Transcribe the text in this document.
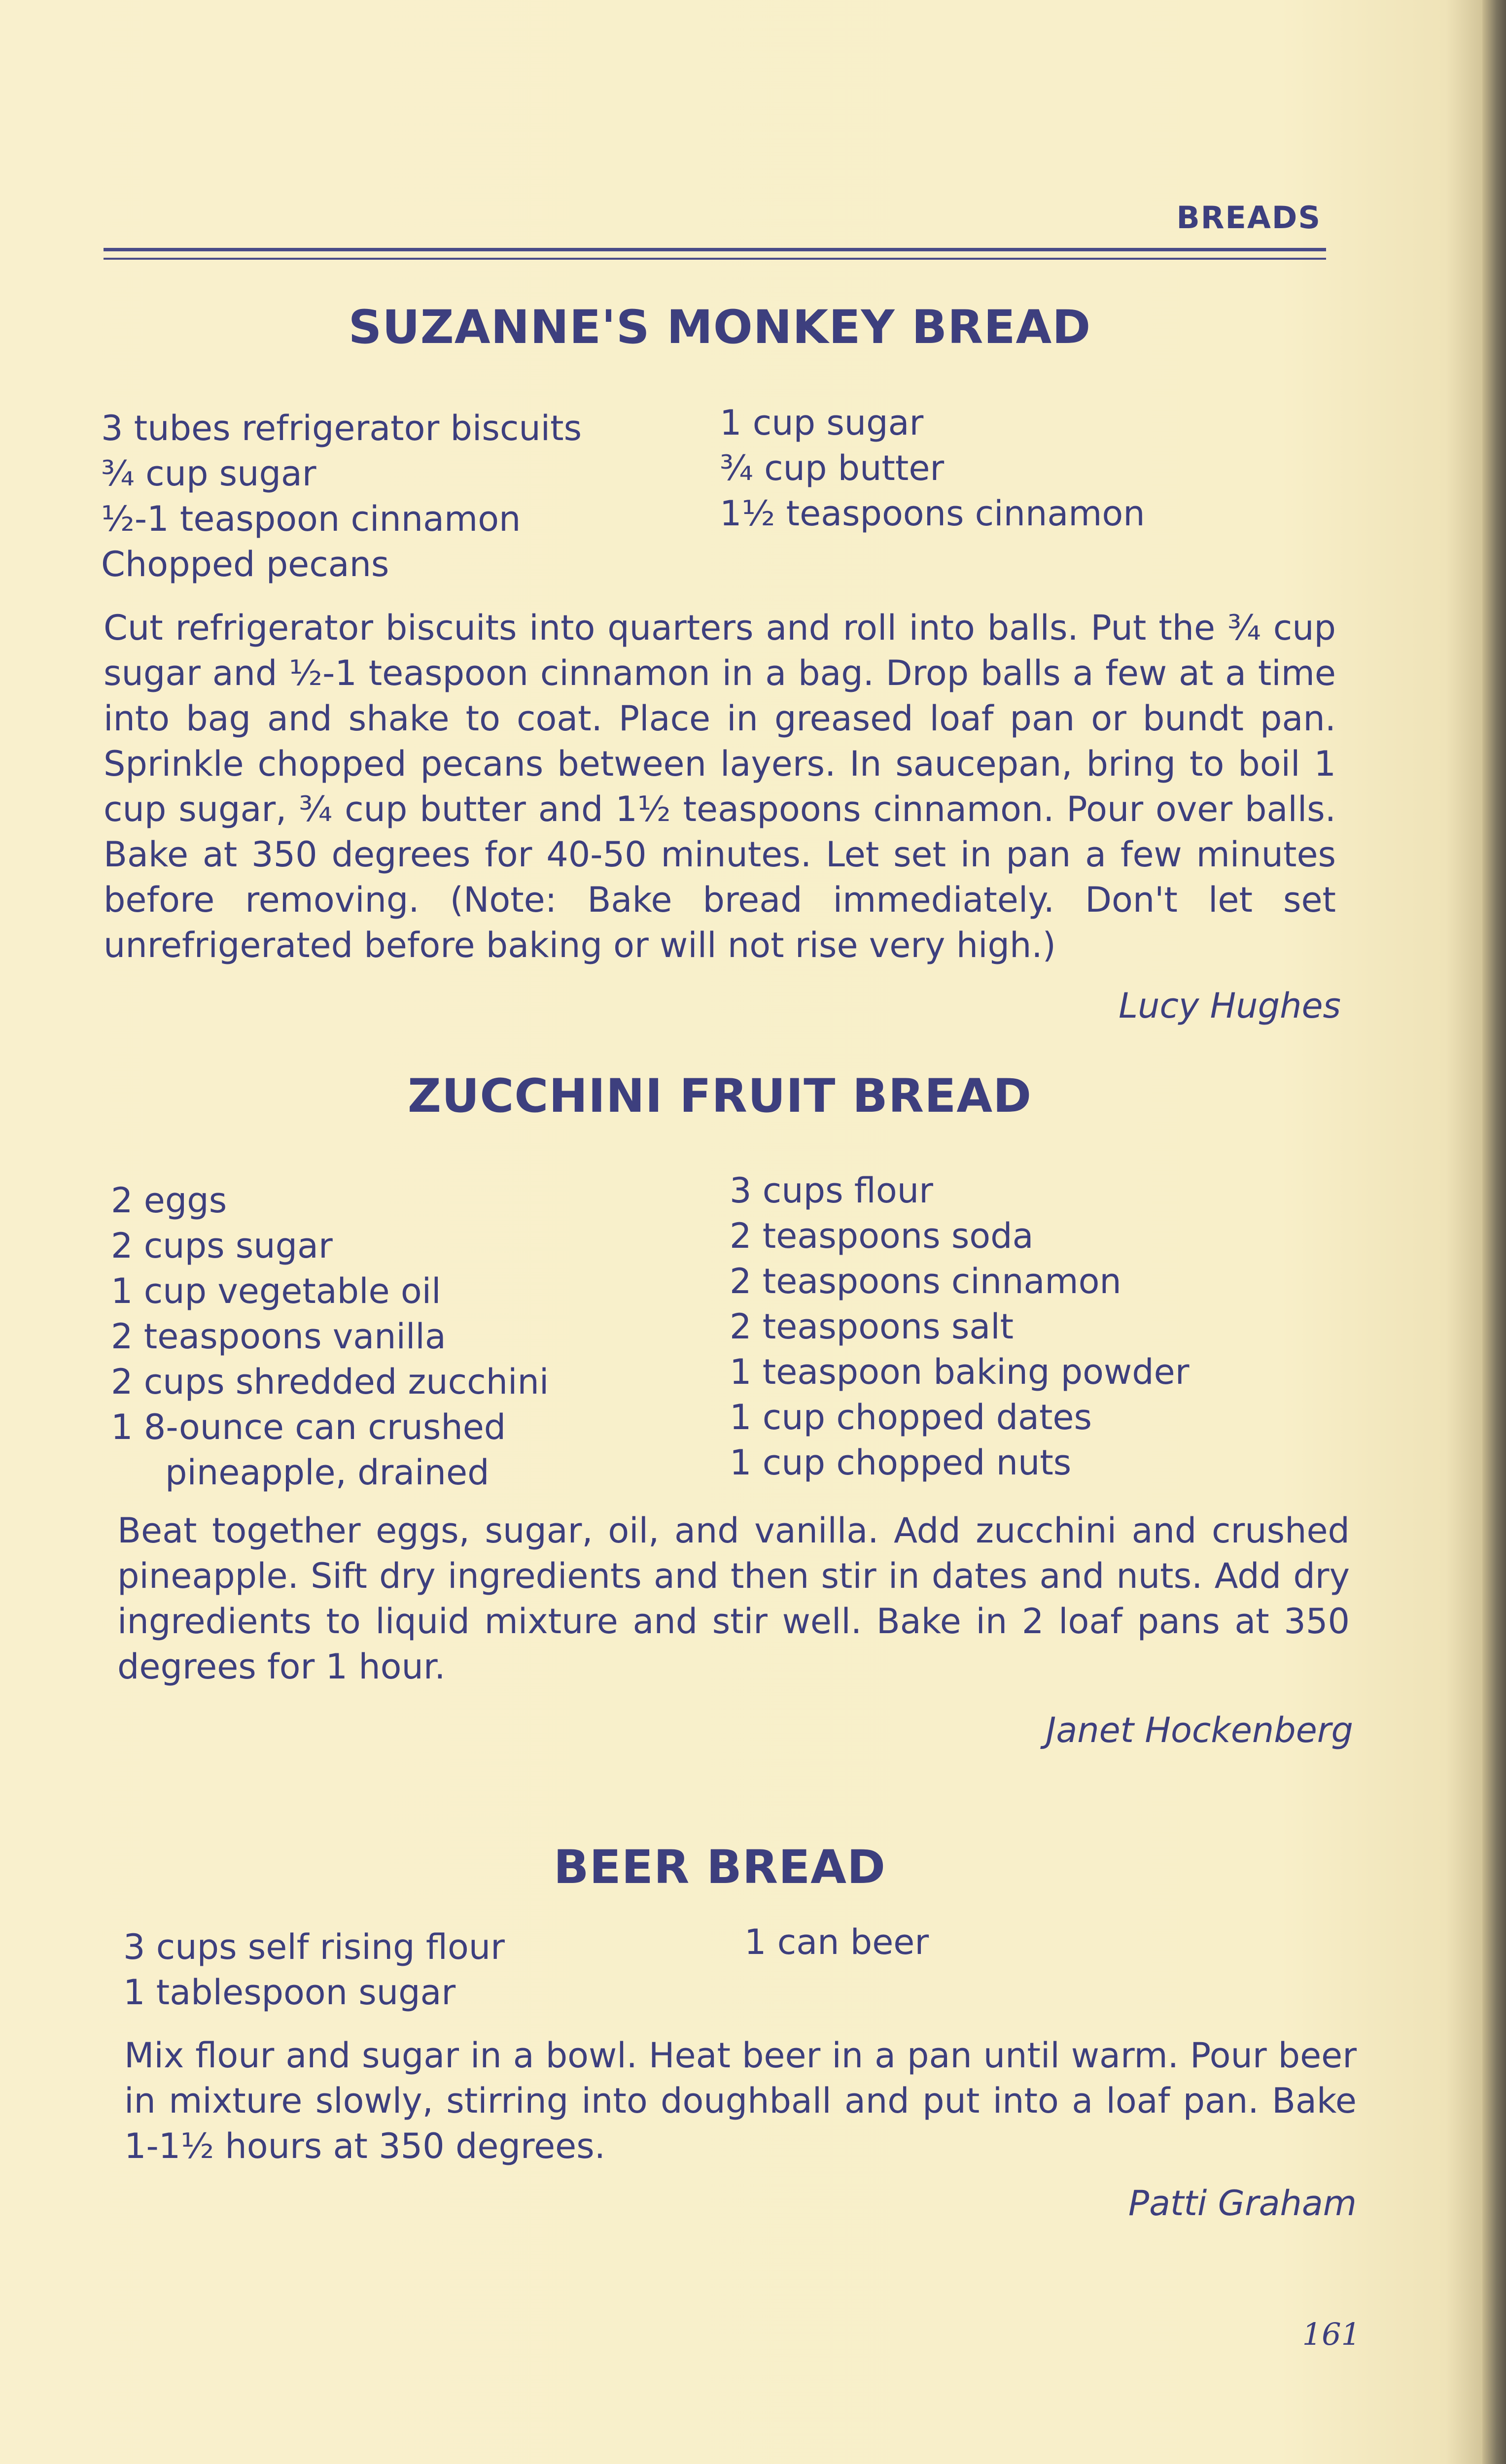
BREADS
SUZANNE'S MONKEY BREAD
3 tubes refrigerator biscuits
¾ cup sugar
½-1 teaspoon cinnamon
Chopped pecans
1 cup sugar
¾ cup butter
1½ teaspoons cinnamon
Cut refrigerator biscuits into quarters and roll into balls. Put the ¾ cup sugar and ½-1 teaspoon cinnamon in a bag. Drop balls a few at a time into bag and shake to coat. Place in greased loaf pan or bundt pan. Sprinkle chopped pecans between layers. In saucepan, bring to boil 1 cup sugar, ¾ cup butter and 1½ teaspoons cinnamon. Pour over balls. Bake at 350 degrees for 40-50 minutes. Let set in pan a few minutes before removing. (Note: Bake bread immediately. Don't let set unrefrigerated before baking or will not rise very high.)
Lucy Hughes
ZUCCHINI FRUIT BREAD
2 eggs
2 cups sugar
1 cup vegetable oil
2 teaspoons vanilla
2 cups shredded zucchini
1 8-ounce can crushed
pineapple, drained
3 cups flour
2 teaspoons soda
2 teaspoons cinnamon
2 teaspoons salt
1 teaspoon baking powder
1 cup chopped dates
1 cup chopped nuts
Beat together eggs, sugar, oil, and vanilla. Add zucchini and crushed pineapple. Sift dry ingredients and then stir in dates and nuts. Add dry ingredients to liquid mixture and stir well. Bake in 2 loaf pans at 350 degrees for 1 hour.
Janet Hockenberg
BEER BREAD
3 cups self rising flour
1 tablespoon sugar
1 can beer
Mix flour and sugar in a bowl. Heat beer in a pan until warm. Pour beer in mixture slowly, stirring into doughball and put into a loaf pan. Bake 1-1½ hours at 350 degrees.
Patti Graham
161
